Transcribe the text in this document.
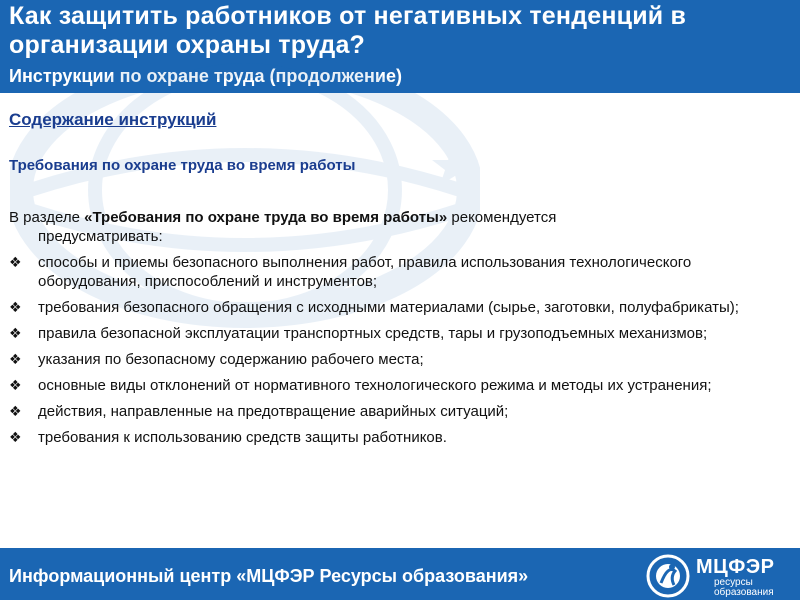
Как защитить работников от негативных тенденций в организации охраны труда?
Инструкции по охране труда (продолжение)
Содержание инструкций
Требования по охране труда во время работы
В разделе «Требования по охране труда во время работы» рекомендуется
предусматривать:
❖ способы и приемы безопасного выполнения работ, правила использования технологического оборудования, приспособлений и инструментов;
❖ требования безопасного обращения с исходными материалами (сырье, заготовки, полуфабрикаты);
❖ правила безопасной эксплуатации транспортных средств, тары и грузоподъемных механизмов;
❖ указания по безопасному содержанию рабочего места;
❖ основные виды отклонений от нормативного технологического режима и методы их устранения;
❖ действия, направленные на предотвращение аварийных ситуаций;
❖ требования к использованию средств защиты работников.
Информационный центр «МЦФЭР Ресурсы образования»	МЦФЭР
ресурсы
образования
